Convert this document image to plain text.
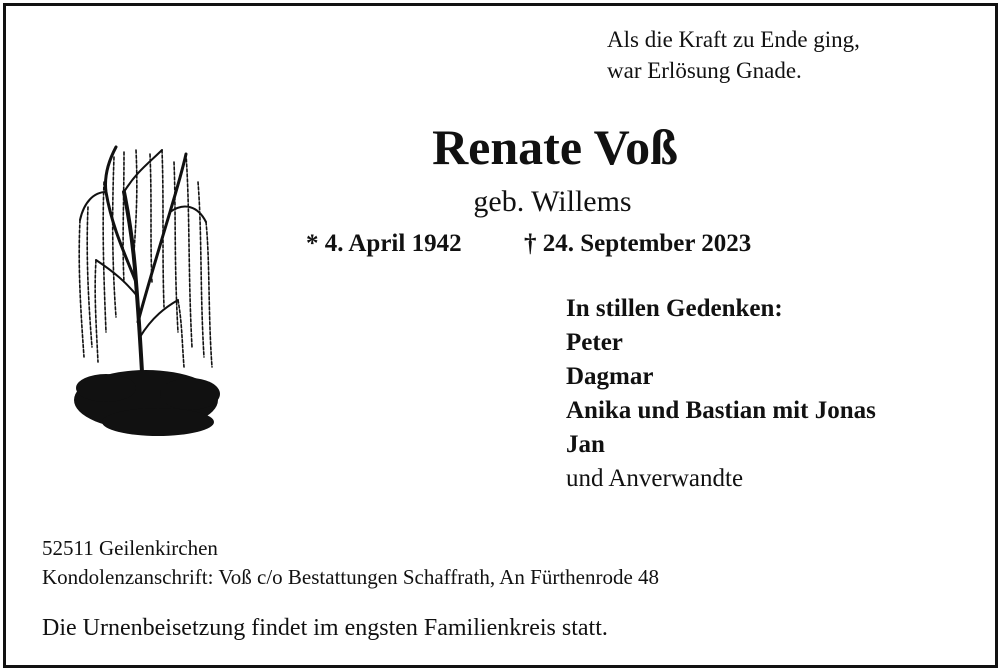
Als die Kraft zu Ende ging,
war Erlösung Gnade.
Renate Voß
geb. Willems
* 4. April 1942 † 24. September 2023
In stillen Gedenken:
Peter
Dagmar
Anika und Bastian mit Jonas
Jan
und Anverwandte
52511 Geilenkirchen
Kondolenzanschrift: Voß c/o Bestattungen Schaffrath, An Fürthenrode 48
Die Urnenbeisetzung findet im engsten Familienkreis statt.
